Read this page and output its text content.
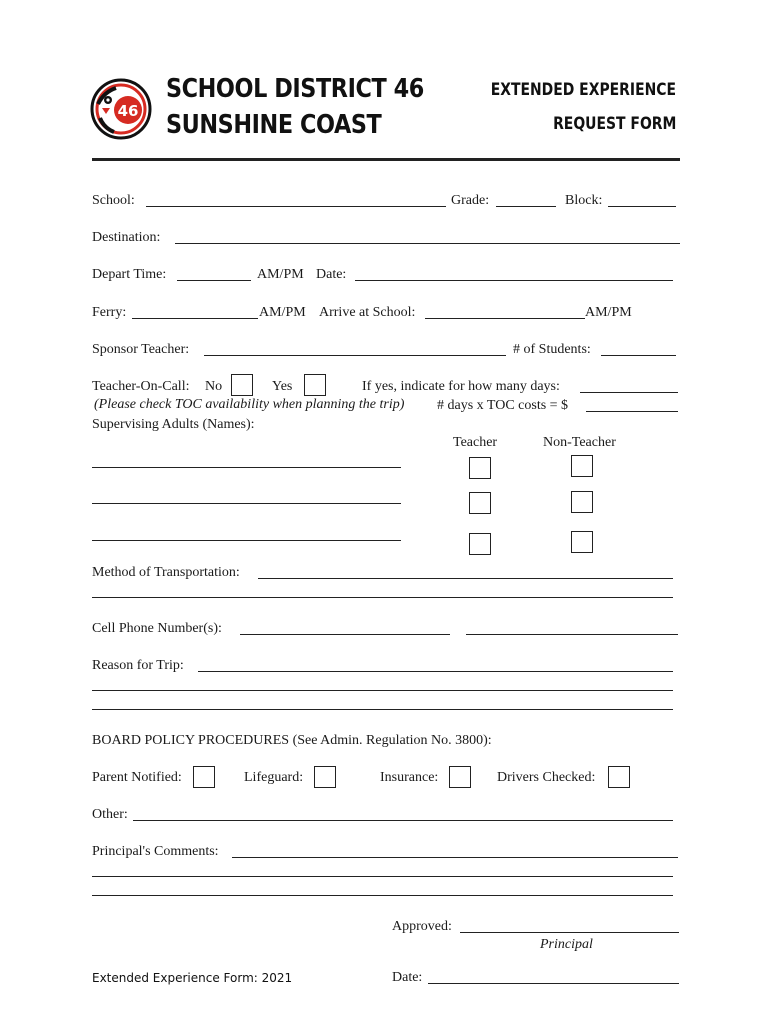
46
SCHOOL DISTRICT 46
SUNSHINE COAST
EXTENDED EXPERIENCE
REQUEST FORM
School:	Grade:	Block:
Destination:
Depart Time:	AM/PM Date:
Ferry:	AM/PM Arrive at School:	AM/PM
Sponsor Teacher:	# of Students:
Teacher-On-Call: No	Yes	If yes, indicate for how many days:
(Please check TOC availability when planning the trip) # days x TOC costs = $
Supervising Adults (Names):
Teacher	Non-Teacher
Method of Transportation:
Cell Phone Number(s):
Reason for Trip:
BOARD POLICY PROCEDURES (See Admin. Regulation No. 3800):
Parent Notified:	Lifeguard:	Insurance:	Drivers Checked:
Other:
Principal's Comments:
Approved:
Principal
Extended Experience Form: 2021	Date:
